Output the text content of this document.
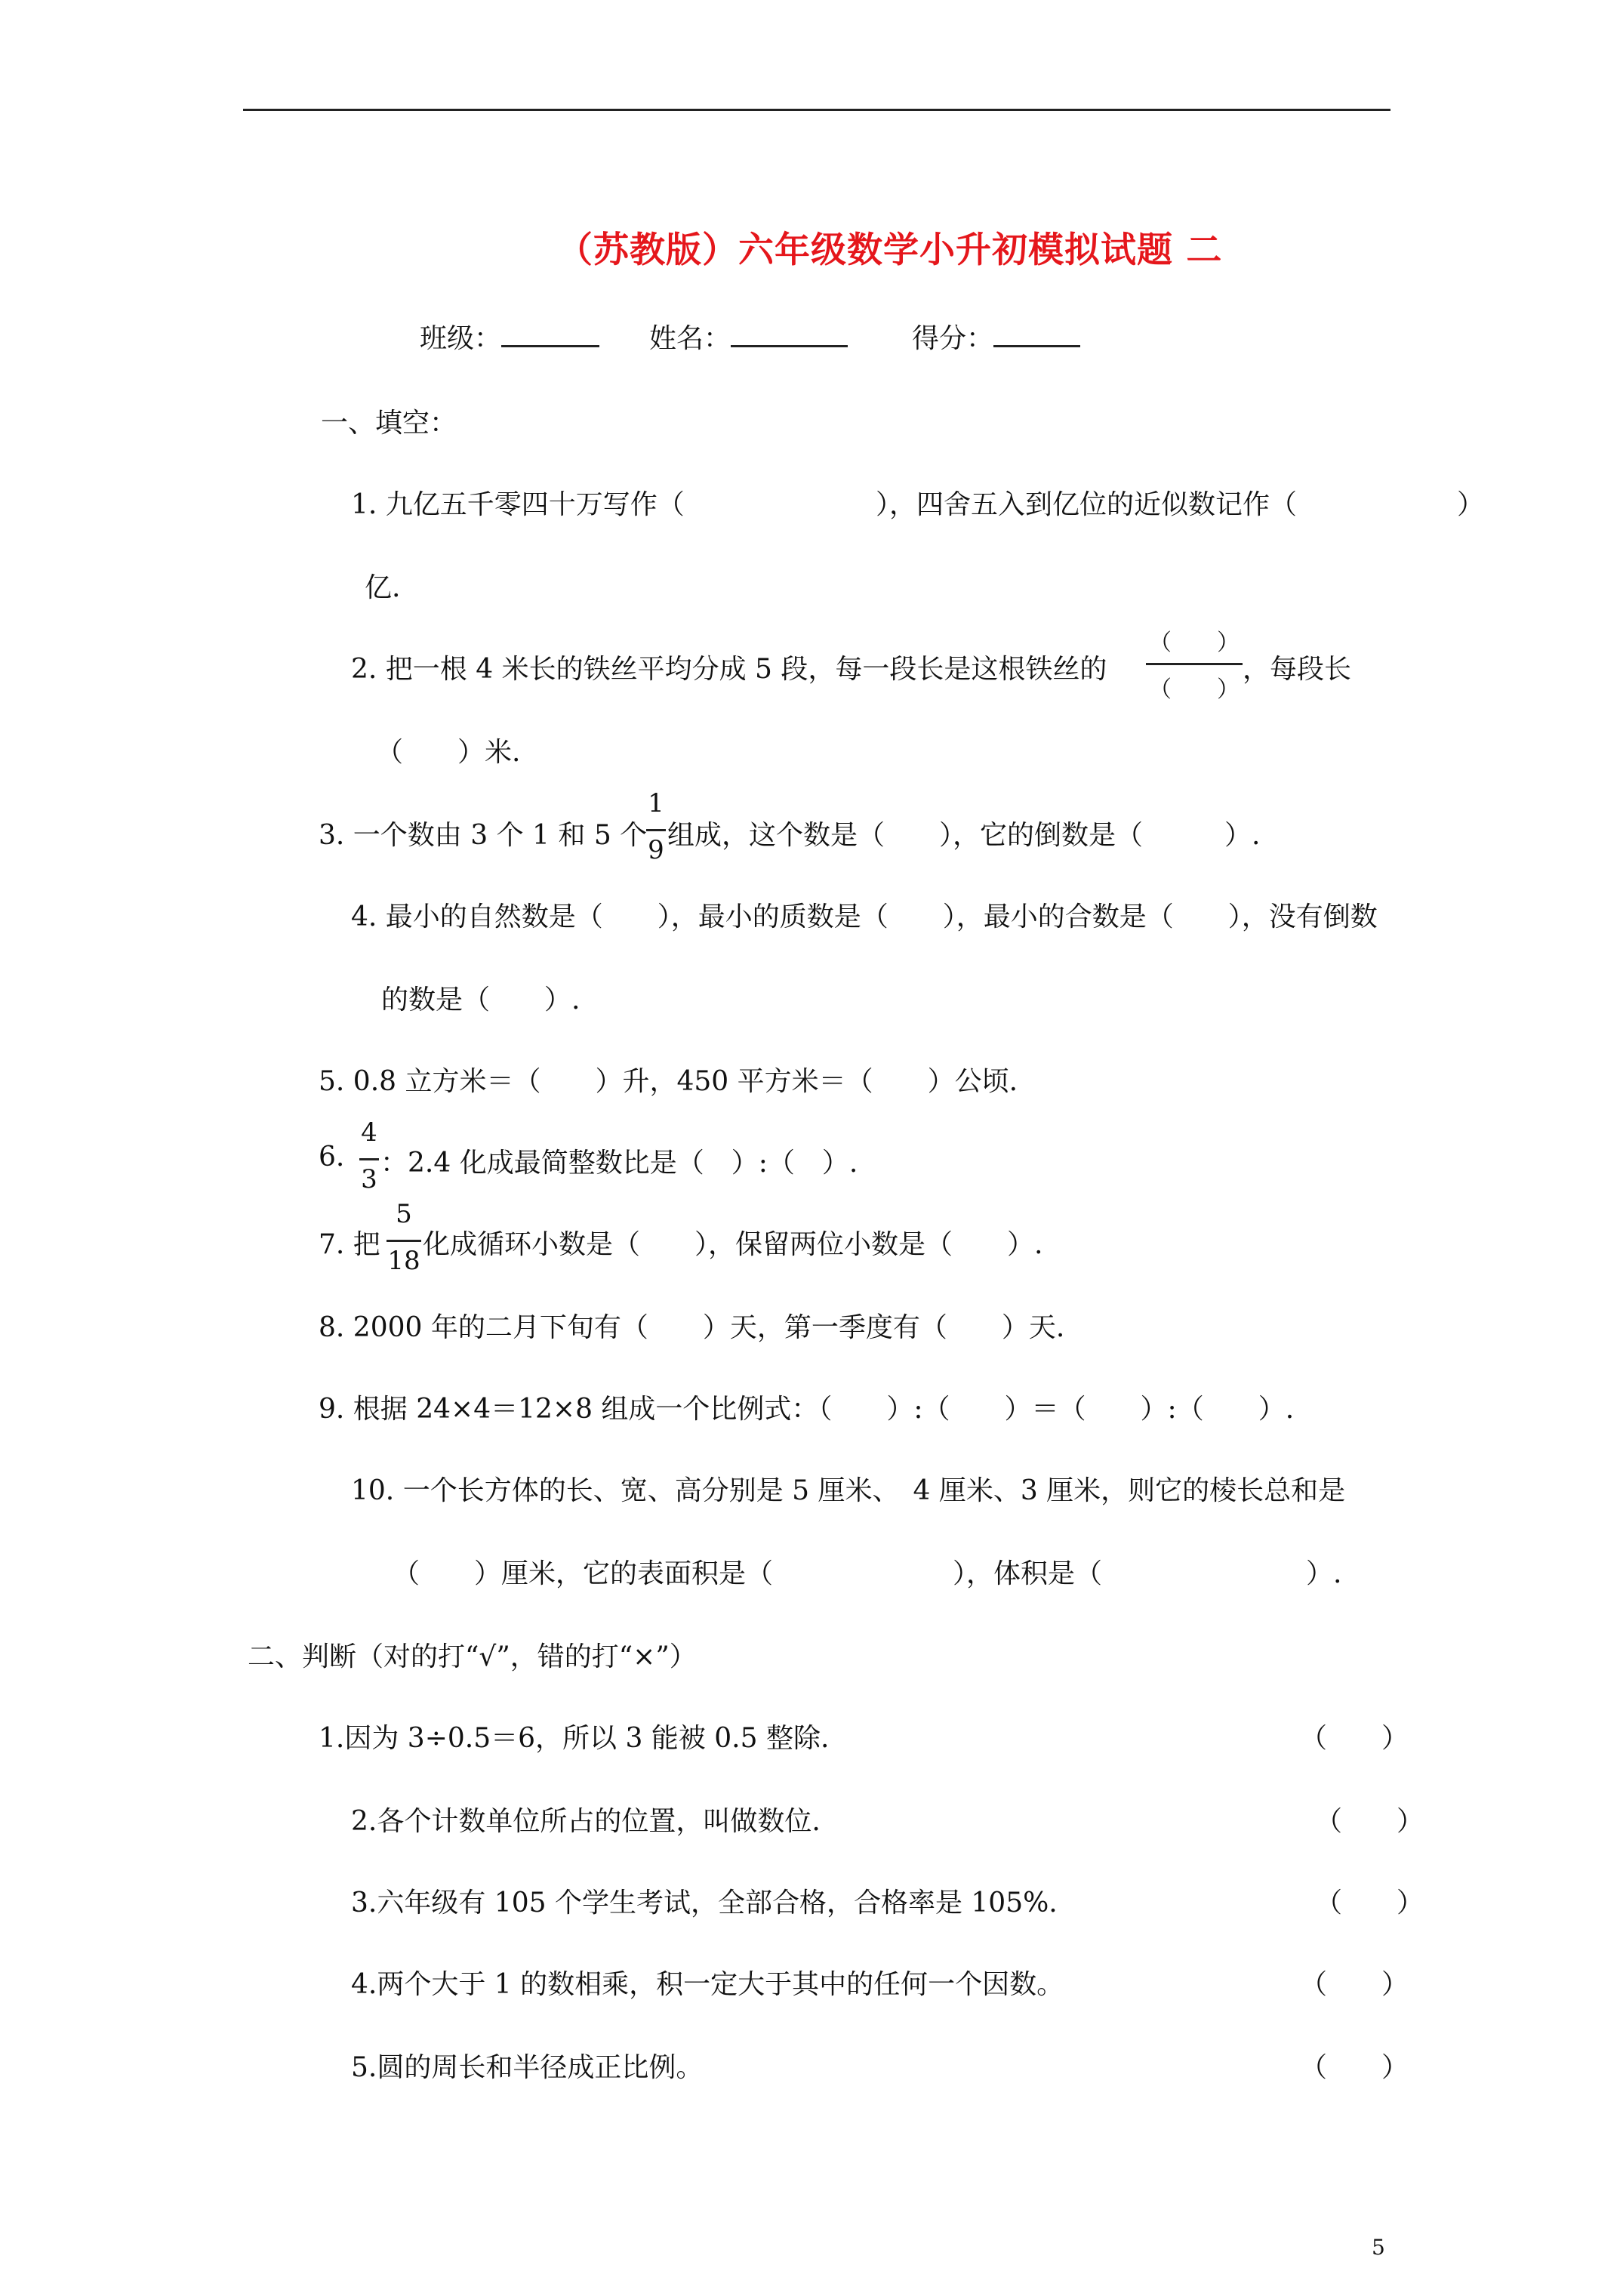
（苏教版）六年级数学小升初模拟试题 二
班级：	姓名：	得分：
一、填空：
1. 九亿五千零四十万写作（	），四舍五入到亿位的近似数记作（	）
亿.
2. 把一根 4 米长的铁丝平均分成 5 段，每一段长是这根铁丝的
（　　）
（　　）
，每段长
（　　）米.
3. 一个数由 3 个 1 和 5 个
1
9 组成，这个数是（　　），它的倒数是（　　　）.
4. 最小的自然数是（　　），最小的质数是（　　），最小的合数是（　　），没有倒数
的数是（　　）.
5. 0.8 立方米＝（　　）升，450 平方米＝（　　）公顷.
6.
4
3
：2.4 化成最简整数比是（　）:（　）.
7. 把
5
18
化成循环小数是（　　），保留两位小数是（　　）.
8. 2000 年的二月下旬有（　　）天，第一季度有（　　）天.
9. 根据 24×4＝12×8 组成一个比例式：（　　）:（　　）＝（　　）:（　　）.
10. 一个长方体的长、宽、高分别是 5 厘米、　4 厘米、3 厘米，则它的棱长总和是
（　　）厘米，它的表面积是（	），体积是（	）.
二、判断（对的打“√”，错的打“×”）
1.因为 3÷0.5＝6，所以 3 能被 0.5 整除.	（　　）
2.各个计数单位所占的位置，叫做数位.	（　　）
3.六年级有 105 个学生考试，全部合格，合格率是 105%.	（　　）
4.两个大于 1 的数相乘，积一定大于其中的任何一个因数。	（　　）
5.圆的周长和半径成正比例。	（　　）
5
